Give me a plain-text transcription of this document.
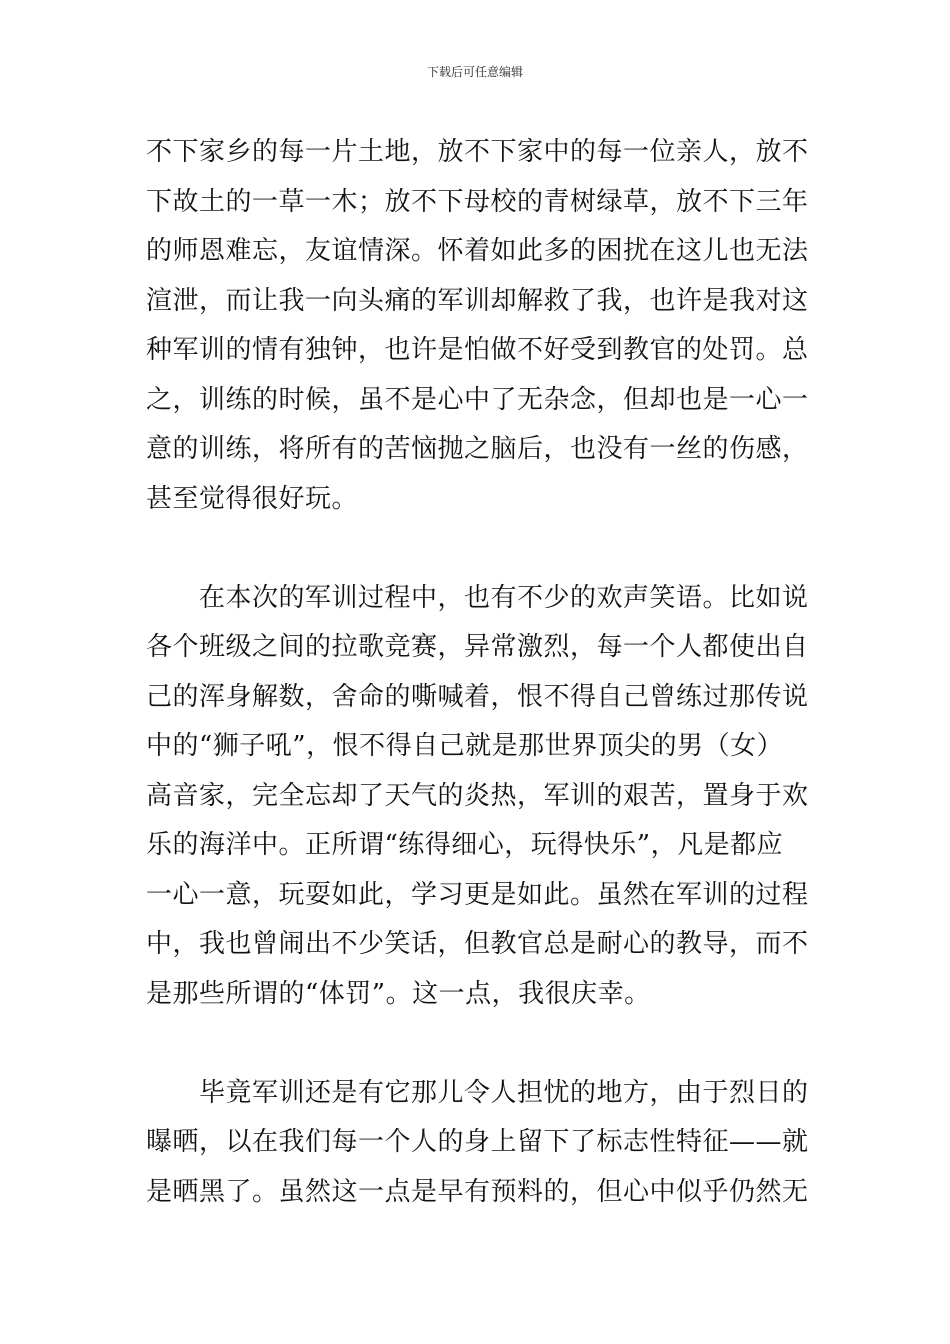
下载后可任意编辑

不下家乡的每一片土地，放不下家中的每一位亲人，放不

下故土的一草一木；放不下母校的青树绿草，放不下三年

的师恩难忘，友谊情深。怀着如此多的困扰在这儿也无法

渲泄，而让我一向头痛的军训却解救了我，也许是我对这

种军训的情有独钟，也许是怕做不好受到教官的处罚。总

之，训练的时候，虽不是心中了无杂念，但却也是一心一

意的训练，将所有的苦恼抛之脑后，也没有一丝的伤感，

甚至觉得很好玩。

　　在本次的军训过程中，也有不少的欢声笑语。比如说

各个班级之间的拉歌竞赛，异常激烈，每一个人都使出自

己的浑身解数，舍命的嘶喊着，恨不得自己曾练过那传说

中的“狮子吼”，恨不得自己就是那世界顶尖的男（女）

高音家，完全忘却了天气的炎热，军训的艰苦，置身于欢

乐的海洋中。正所谓“练得细心，玩得快乐”，凡是都应

一心一意，玩耍如此，学习更是如此。虽然在军训的过程

中，我也曾闹出不少笑话，但教官总是耐心的教导，而不

是那些所谓的“体罚”。这一点，我很庆幸。

　　毕竟军训还是有它那儿令人担忧的地方，由于烈日的

曝晒，以在我们每一个人的身上留下了标志性特征——就

是晒黑了。虽然这一点是早有预料的，但心中似乎仍然无
